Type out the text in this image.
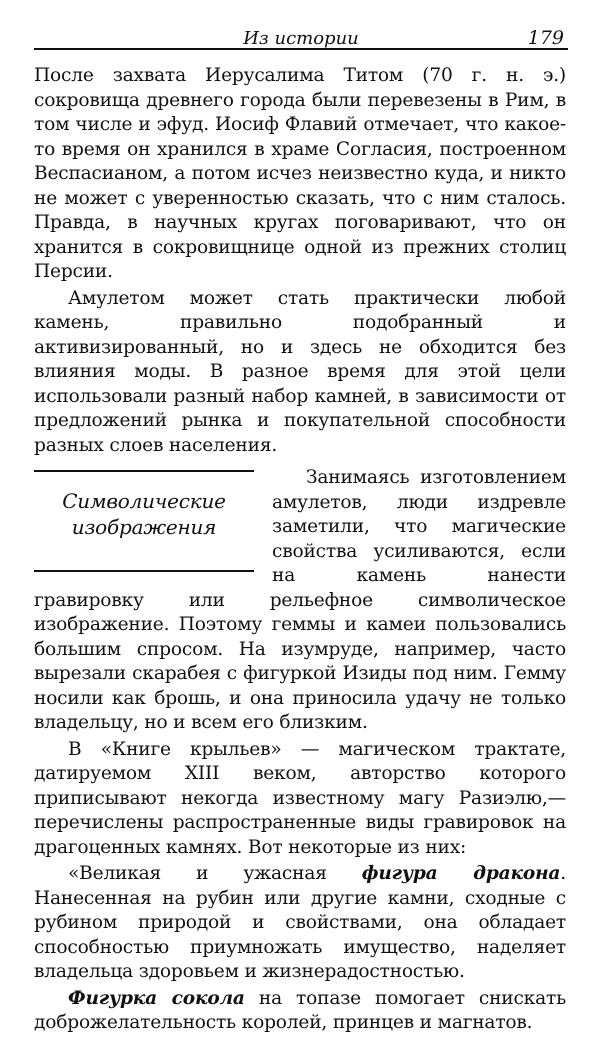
Из истории	179

После захвата Иерусалима Титом (70 г. н. э.) сокровища древнего города были перевезены в Рим, в том числе и эфуд. Иосиф Флавий отмечает, что какое-то время он хранился в храме Согласия, построенном Веспасианом, а потом исчез неизвестно куда, и никто не может с уверенностью сказать, что с ним сталось. Правда, в научных кругах поговаривают, что он хранится в сокровищнице одной из прежних столиц Персии.

Амулетом может стать практически любой камень, правильно подобранный и активизированный, но и здесь не обходится без влияния моды. В разное время для этой цели использовали разный набор камней, в зависимости от предложений рынка и покупательной способности разных слоев населения.

Символические
изображения

Занимаясь изготовлением амулетов, люди издревле заметили, что магические свойства усиливаются, если на камень нанести гравировку или рельефное символическое изображение. Поэтому геммы и камеи пользовались большим спросом. На изумруде, например, часто вырезали скарабея с фигуркой Изиды под ним. Гемму носили как брошь, и она приносила удачу не только владельцу, но и всем его близким.

В «Книге крыльев» — магическом трактате, датируемом XIII веком, авторство которого приписывают некогда известному магу Разиэлю,— перечислены распространенные виды гравировок на драгоценных камнях. Вот некоторые из них:

«Великая и ужасная фигура дракона. Нанесенная на рубин или другие камни, сходные с рубином природой и свойствами, она обладает способностью приумножать имущество, наделяет владельца здоровьем и жизнерадостностью.

Фигурка сокола на топазе помогает снискать доброжелательность королей, принцев и магнатов.
